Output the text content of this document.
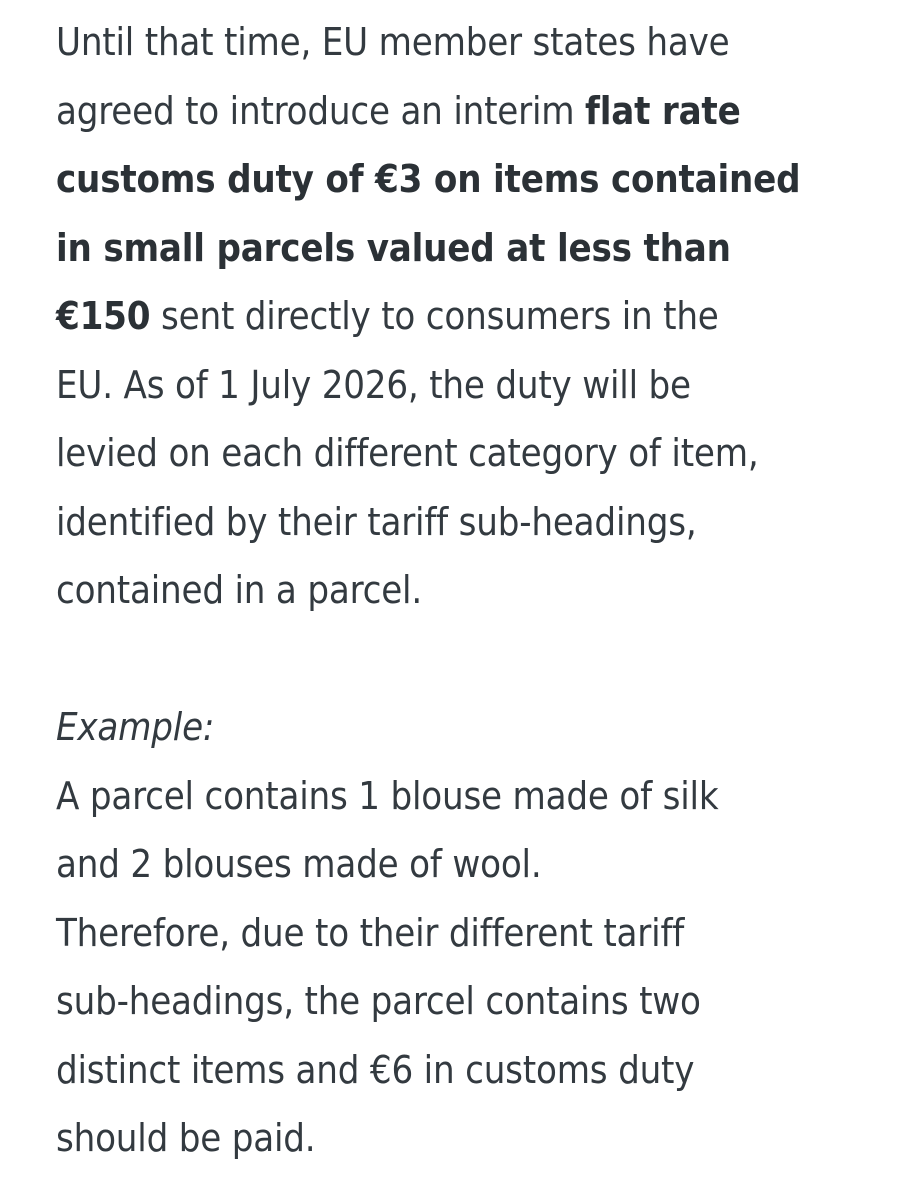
Until that time, EU member states have
agreed to introduce an interim flat rate
customs duty of €3 on items contained
in small parcels valued at less than
€150 sent directly to consumers in the
EU. As of 1 July 2026, the duty will be
levied on each different category of item,
identified by their tariff sub-headings,
contained in a parcel.
Example:
A parcel contains 1 blouse made of silk
and 2 blouses made of wool.
Therefore, due to their different tariff
sub-headings, the parcel contains two
distinct items and €6 in customs duty
should be paid.
